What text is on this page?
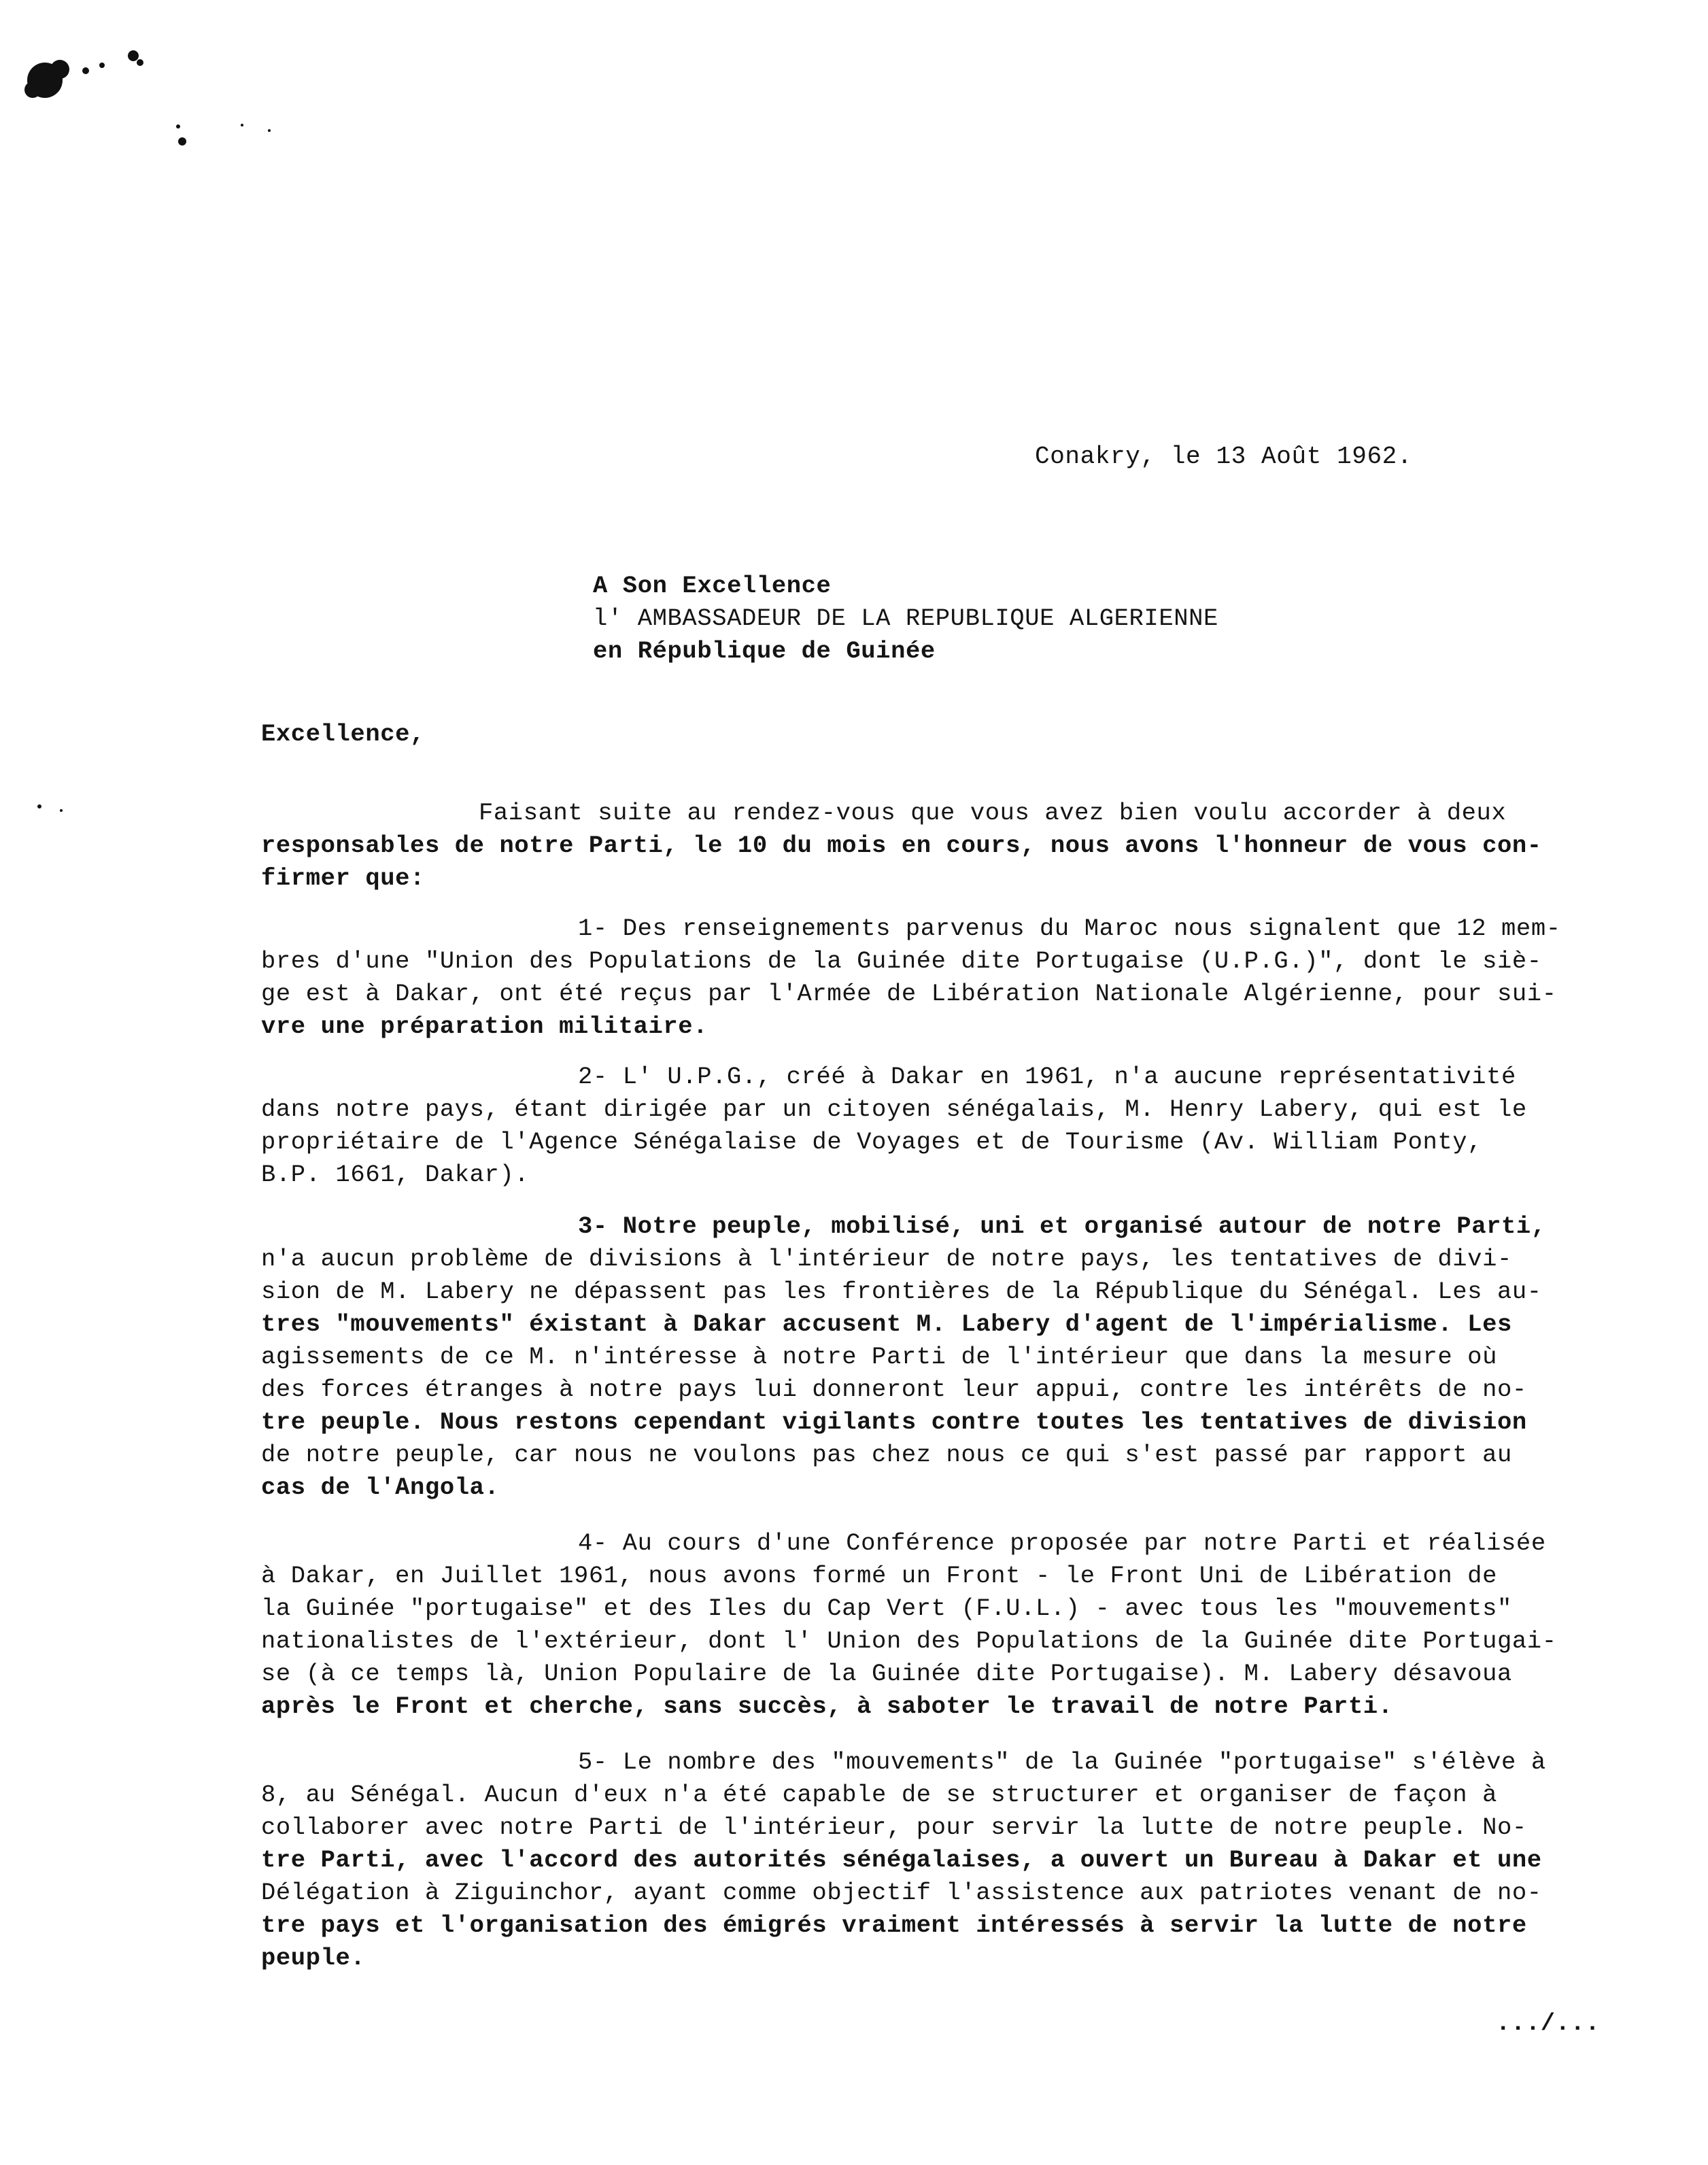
Conakry, le 13 Août 1962.
A Son Excellence
l' AMBASSADEUR DE LA REPUBLIQUE ALGERIENNE
en République de Guinée
Excellence,
Faisant suite au rendez-vous que vous avez bien voulu accorder à deux
responsables de notre Parti, le 10 du mois en cours, nous avons l'honneur de vous con-
firmer que:
1- Des renseignements parvenus du Maroc nous signalent que 12 mem-
bres d'une "Union des Populations de la Guinée dite Portugaise (U.P.G.)", dont le siè-
ge est à Dakar, ont été reçus par l'Armée de Libération Nationale Algérienne, pour sui-
vre une préparation militaire.
2- L' U.P.G., créé à Dakar en 1961, n'a aucune représentativité
dans notre pays, étant dirigée par un citoyen sénégalais, M. Henry Labery, qui est le
propriétaire de l'Agence Sénégalaise de Voyages et de Tourisme (Av. William Ponty,
B.P. 1661, Dakar).
3- Notre peuple, mobilisé, uni et organisé autour de notre Parti,
n'a aucun problème de divisions à l'intérieur de notre pays, les tentatives de divi-
sion de M. Labery ne dépassent pas les frontières de la République du Sénégal. Les au-
tres "mouvements" éxistant à Dakar accusent M. Labery d'agent de l'impérialisme. Les
agissements de ce M. n'intéresse à notre Parti de l'intérieur que dans la mesure où
des forces étranges à notre pays lui donneront leur appui, contre les intérêts de no-
tre peuple. Nous restons cependant vigilants contre toutes les tentatives de division
de notre peuple, car nous ne voulons pas chez nous ce qui s'est passé par rapport au
cas de l'Angola.
4- Au cours d'une Conférence proposée par notre Parti et réalisée
à Dakar, en Juillet 1961, nous avons formé un Front - le Front Uni de Libération de
la Guinée "portugaise" et des Iles du Cap Vert (F.U.L.) - avec tous les "mouvements"
nationalistes de l'extérieur, dont l' Union des Populations de la Guinée dite Portugai-
se (à ce temps là, Union Populaire de la Guinée dite Portugaise). M. Labery désavoua
après le Front et cherche, sans succès, à saboter le travail de notre Parti.
5- Le nombre des "mouvements" de la Guinée "portugaise" s'élève à
8, au Sénégal. Aucun d'eux n'a été capable de se structurer et organiser de façon à
collaborer avec notre Parti de l'intérieur, pour servir la lutte de notre peuple. No-
tre Parti, avec l'accord des autorités sénégalaises, a ouvert un Bureau à Dakar et une
Délégation à Ziguinchor, ayant comme objectif l'assistence aux patriotes venant de no-
tre pays et l'organisation des émigrés vraiment intéressés à servir la lutte de notre
peuple.
.../...
